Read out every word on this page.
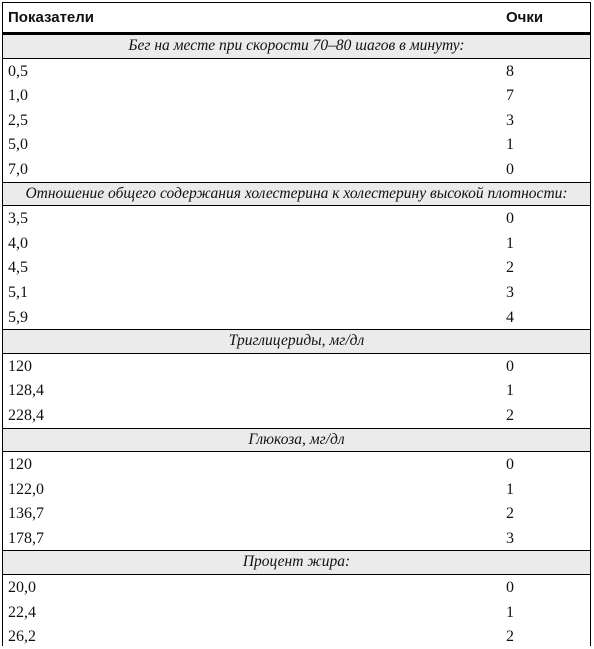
Показатели	Очки
Бег на месте при скорости 70–80 шагов в минуту:
0,5	8
1,0	7
2,5	3
5,0	1
7,0	0
Отношение общего содержания холестерина к холестерину высокой плотности:
3,5	0
4,0	1
4,5	2
5,1	3
5,9	4
Триглицериды, мг/дл
120	0
128,4	1
228,4	2
Глюкоза, мг/дл
120	0
122,0	1
136,7	2
178,7	3
Процент жира:
20,0	0
22,4	1
26,2	2
